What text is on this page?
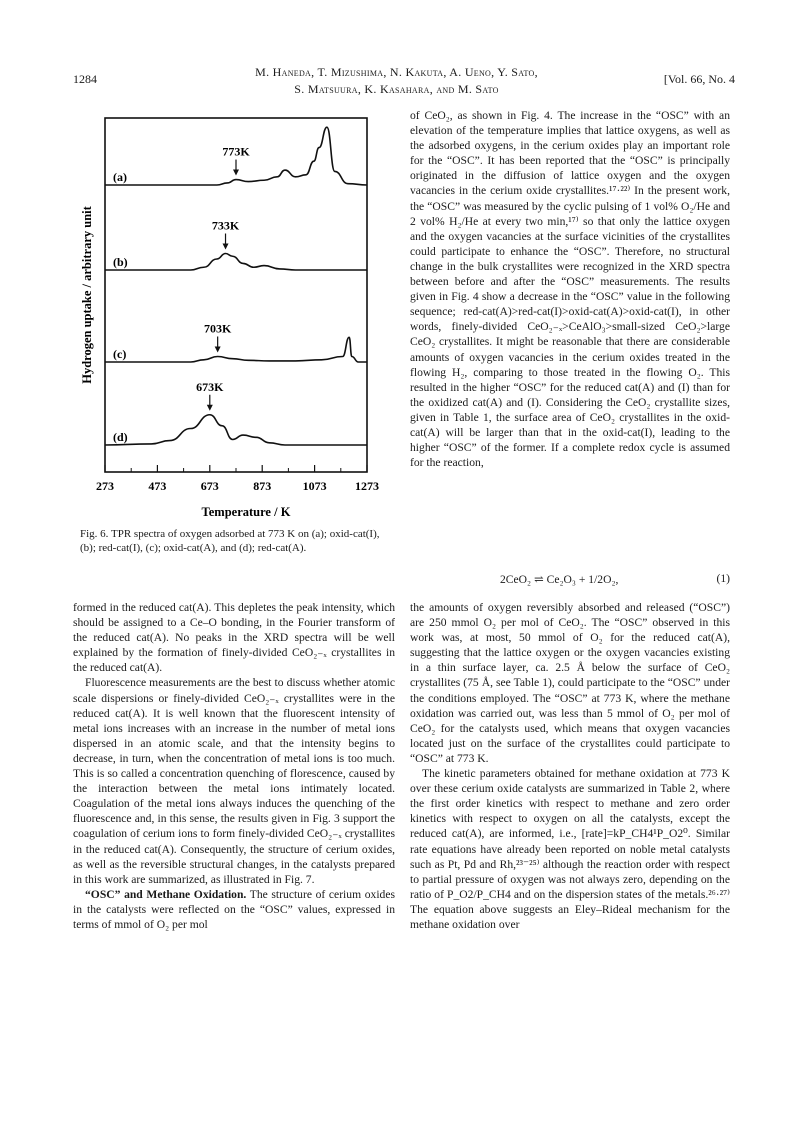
1284	M. Haneda, T. Mizushima, N. Kakuta, A. Ueno, Y. Sato,
S. Matsuura, K. Kasahara, and M. Sato
[Vol. 66, No. 4
273	473	673	873	1073 1273
Temperature / K
Hydrogen uptake / arbitrary unit
(a)
773K
(b)
733K
(c)
703K
(d)
673K
Fig. 6. TPR spectra of oxygen adsorbed at 773 K on (a); oxid-cat(I), (b); red-cat(I), (c); oxid-cat(A), and (d); red-cat(A).

of CeO₂, as shown in Fig. 4. The increase in the “OSC” with an elevation of the temperature implies that lattice oxygens, as well as the adsorbed oxygens, in the cerium oxides play an important role for the “OSC”. It has been reported that the “OSC” is principally originated in the diffusion of lattice oxygen and the oxygen vacancies in the cerium oxide crystallites.¹⁷·²²⁾ In the present work, the “OSC” was measured by the cyclic pulsing of 1 vol% O₂/He and 2 vol% H₂/He at every two min,¹⁷⁾ so that only the lattice oxygen and the oxygen vacancies at the surface vicinities of the crystallites could participate to enhance the “OSC”. Therefore, no structural change in the bulk crystallites were recognized in the XRD spectra between before and after the “OSC” measurements. The results given in Fig. 4 show a decrease in the “OSC” value in the following sequence; red-cat(A)>red-cat(I)>oxid-cat(A)>oxid-cat(I), in other words, finely-divided CeO₂₋ₓ>CeAlO₃>small-sized CeO₂>large CeO₂ crystallites. It might be reasonable that there are considerable amounts of oxygen vacancies in the cerium oxides treated in the flowing H₂, comparing to those treated in the flowing O₂. This resulted in the higher “OSC” for the reduced cat(A) and (I) than for the oxidized cat(A) and (I). Considering the CeO₂ crystallite sizes, given in Table 1, the surface area of CeO₂ crystallites in the oxid-cat(A) will be larger than that in the oxid-cat(I), leading to the higher “OSC” of the former. If a complete redox cycle is assumed for the reaction,

2CeO₂ ⇌ Ce₂O₃ + 1/2O₂,	(1)

formed in the reduced cat(A). This depletes the peak intensity, which should be assigned to a Ce–O bonding, in the Fourier transform of the reduced cat(A). No peaks in the XRD spectra will be well explained by the formation of finely-divided CeO₂₋ₓ crystallites in the reduced cat(A).

Fluorescence measurements are the best to discuss whether atomic scale dispersions or finely-divided CeO₂₋ₓ crystallites were in the reduced cat(A). It is well known that the fluorescent intensity of metal ions increases with an increase in the number of metal ions dispersed in an atomic scale, and that the intensity begins to decrease, in turn, when the concentration of metal ions is too much. This is so called a concentration quenching of florescence, caused by the interaction between the metal ions intimately located. Coagulation of the metal ions always induces the quenching of the fluorescence and, in this sense, the results given in Fig. 3 support the coagulation of cerium ions to form finely-divided CeO₂₋ₓ crystallites in the reduced cat(A). Consequently, the structure of cerium oxides, as well as the reversible structural changes, in the catalysts prepared in this work are summarized, as illustrated in Fig. 7.

“OSC” and Methane Oxidation. The structure of cerium oxides in the catalysts were reflected on the “OSC” values, expressed in terms of mmol of O₂ per mol

the amounts of oxygen reversibly absorbed and released (“OSC”) are 250 mmol O₂ per mol of CeO₂. The “OSC” observed in this work was, at most, 50 mmol of O₂ for the reduced cat(A), suggesting that the lattice oxygen or the oxygen vacancies existing in a thin surface layer, ca. 2.5 Å below the surface of CeO₂ crystallites (75 Å, see Table 1), could participate to the “OSC” under the conditions employed. The “OSC” at 773 K, where the methane oxidation was carried out, was less than 5 mmol of O₂ per mol of CeO₂ for the catalysts used, which means that oxygen vacancies located just on the surface of the crystallites could participate to “OSC” at 773 K.

The kinetic parameters obtained for methane oxidation at 773 K over these cerium oxide catalysts are summarized in Table 2, where the first order kinetics with respect to methane and zero order kinetics with respect to oxygen on all the catalysts, except the reduced cat(A), are informed, i.e., [rate]=kP_CH4¹P_O2⁰. Similar rate equations have already been reported on noble metal catalysts such as Pt, Pd and Rh,²³⁻²⁵⁾ although the reaction order with respect to partial pressure of oxygen was not always zero, depending on the ratio of P_O2/P_CH4 and on the dispersion states of the metals.²⁶·²⁷⁾ The equation above suggests an Eley–Rideal mechanism for the methane oxidation over
